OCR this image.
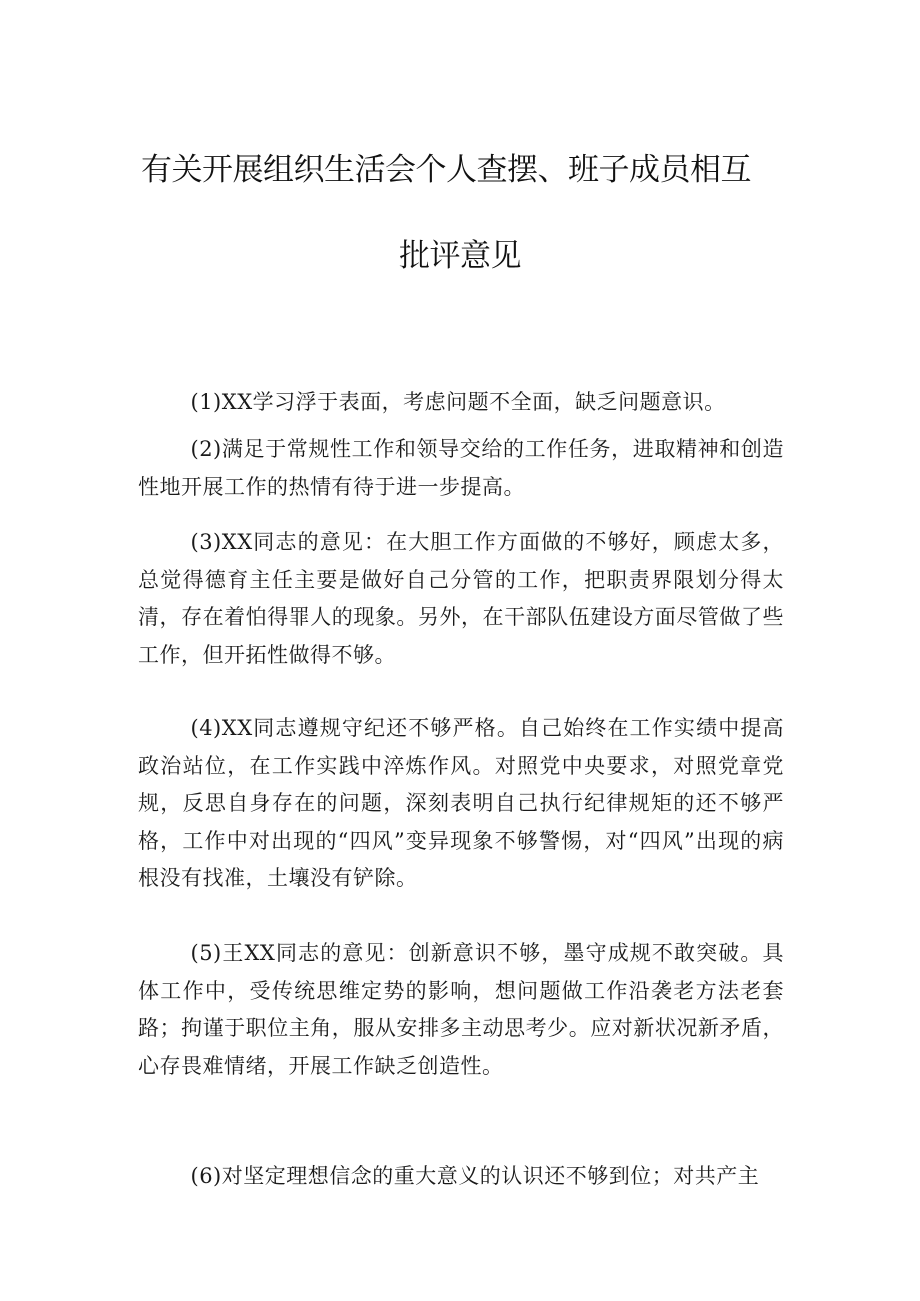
有关开展组织生活会个人查摆、班子成员相互
批评意见
(1)XX学习浮于表面，考虑问题不全面，缺乏问题意识。
(2)满足于常规性工作和领导交给的工作任务，进取精神和创造性地开展工作的热情有待于进一步提高。
(3)XX同志的意见：在大胆工作方面做的不够好，顾虑太多，总觉得德育主任主要是做好自己分管的工作，把职责界限划分得太清，存在着怕得罪人的现象。另外，在干部队伍建设方面尽管做了些工作，但开拓性做得不够。
(4)XX同志遵规守纪还不够严格。自己始终在工作实绩中提高政治站位，在工作实践中淬炼作风。对照党中央要求，对照党章党规，反思自身存在的问题，深刻表明自己执行纪律规矩的还不够严格，工作中对出现的“四风”变异现象不够警惕，对“四风”出现的病根没有找准，土壤没有铲除。
(5)王XX同志的意见：创新意识不够，墨守成规不敢突破。具体工作中，受传统思维定势的影响，想问题做工作沿袭老方法老套路；拘谨于职位主角，服从安排多主动思考少。应对新状况新矛盾，心存畏难情绪，开展工作缺乏创造性。
(6)对坚定理想信念的重大意义的认识还不够到位；对共产主
